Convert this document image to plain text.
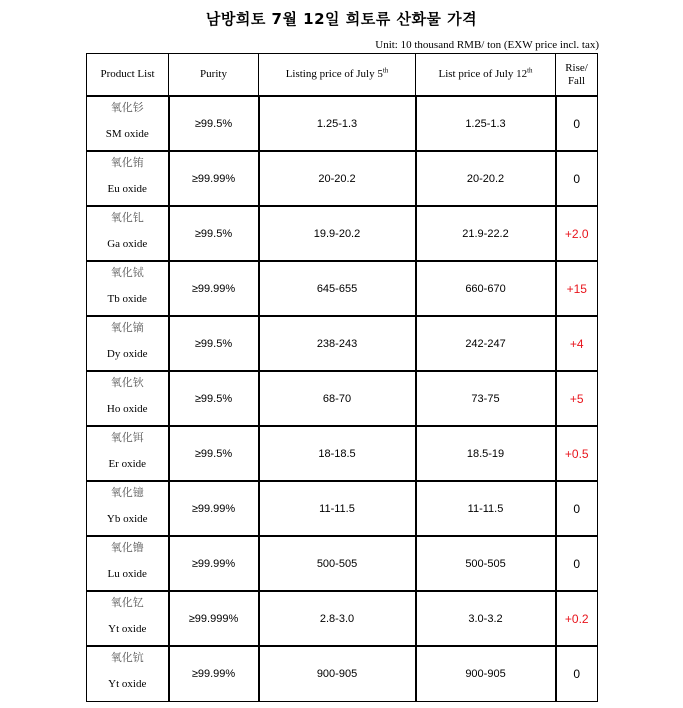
남방희토 7월 12일 희토류 산화물 가격
Unit: 10 thousand RMB/ ton (EXW price incl. tax)
Product List	Purity	Listing price of July 5th	List price of July 12th	Rise/
Fall

氧化钐
SM oxide	≥99.5%	1.25-1.3	1.25-1.3	0

氧化铕
Eu oxide	≥99.99%	20-20.2	20-20.2	0

氧化钆
Ga oxide	≥99.5%	19.9-20.2	21.9-22.2	+2.0

氧化铽
Tb oxide	≥99.99%	645-655	660-670	+15

氧化镝
Dy oxide	≥99.5%	238-243	242-247	+4

氧化钬
Ho oxide	≥99.5%	68-70	73-75	+5

氧化铒
Er oxide	≥99.5%	18-18.5	18.5-19	+0.5

氧化镱
Yb oxide	≥99.99%	11-11.5	11-11.5	0

氧化镥
Lu oxide	≥99.99%	500-505	500-505	0

氧化钇
Yt oxide	≥99.999%	2.8-3.0	3.0-3.2	+0.2

氧化钪
Yt oxide	≥99.99%	900-905	900-905	0
